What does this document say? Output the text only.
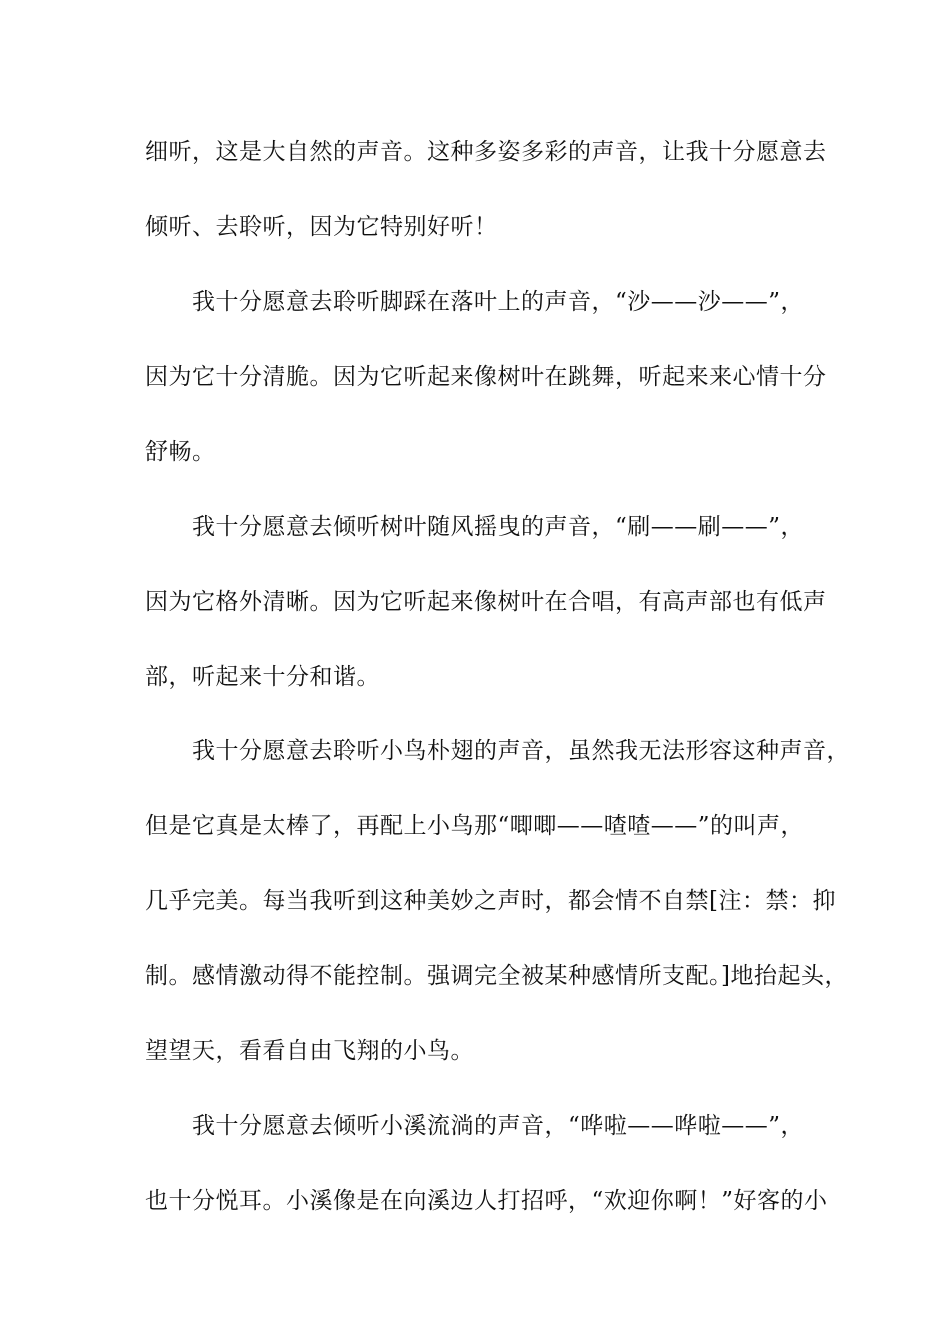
细听，这是大自然的声音。这种多姿多彩的声音，让我十分愿意去

倾听、去聆听，因为它特别好听！

我十分愿意去聆听脚踩在落叶上的声音，“沙——沙——”，

因为它十分清脆。因为它听起来像树叶在跳舞，听起来来心情十分

舒畅。

我十分愿意去倾听树叶随风摇曳的声音，“刷——刷——”，

因为它格外清晰。因为它听起来像树叶在合唱，有高声部也有低声

部，听起来十分和谐。

我十分愿意去聆听小鸟朴翅的声音，虽然我无法形容这种声音，

但是它真是太棒了，再配上小鸟那“唧唧——喳喳——”的叫声，

几乎完美。每当我听到这种美妙之声时，都会情不自禁[注：禁：抑

制。感情激动得不能控制。强调完全被某种感情所支配。]地抬起头，

望望天，看看自由飞翔的小鸟。

我十分愿意去倾听小溪流淌的声音，“哗啦——哗啦——”，

也十分悦耳。小溪像是在向溪边人打招呼，“欢迎你啊！”好客的小
